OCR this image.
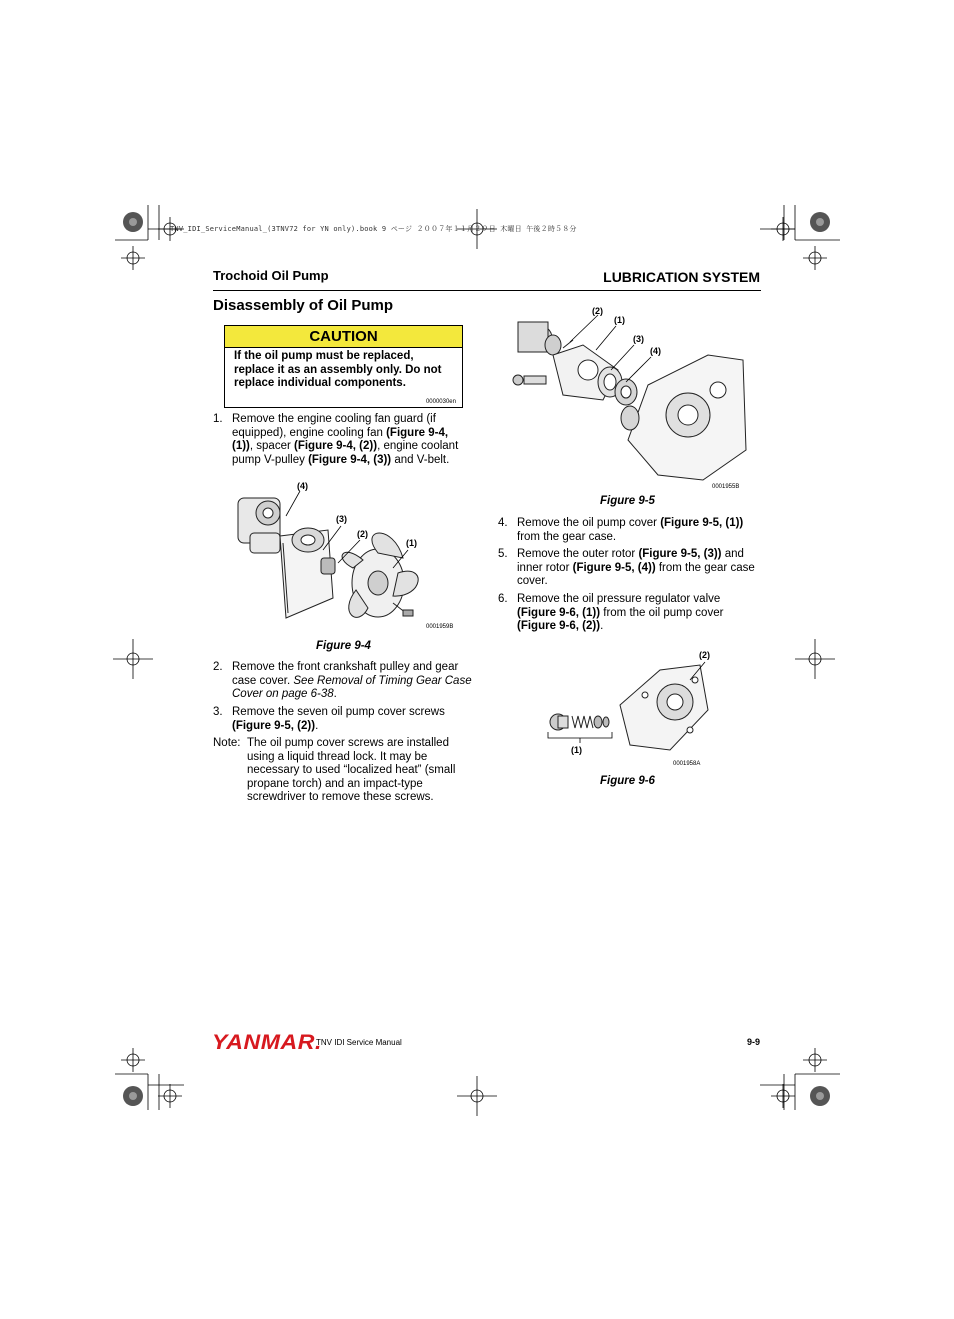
TNV_IDI_ServiceManual_(3TNV72 for YN only).book 9 ページ ２００７年１１月２９日 木曜日 午後２時５８分
Trochoid Oil Pump	LUBRICATION SYSTEM
Disassembly of Oil Pump
CAUTION
If the oil pump must be replaced, replace it as an assembly only. Do not replace individual components.
0000030en
1. Remove the engine cooling fan guard (if equipped), engine cooling fan (Figure 9-4, (1)), spacer (Figure 9-4, (2)), engine coolant pump V-pulley (Figure 9-4, (3)) and V-belt.
(4)
(3)
(2)
(1)
0001959B
Figure 9-4
2. Remove the front crankshaft pulley and gear case cover. See Removal of Timing Gear Case Cover on page 6-38.
3. Remove the seven oil pump cover screws (Figure 9-5, (2)).
Note: The oil pump cover screws are installed using a liquid thread lock. It may be necessary to used “localized heat” (small propane torch) and an impact-type screwdriver to remove these screws.
(2)
(1)
(3)
(4)
0001955B
Figure 9-5
4. Remove the oil pump cover (Figure 9-5, (1)) from the gear case.
5. Remove the outer rotor (Figure 9-5, (3)) and inner rotor (Figure 9-5, (4)) from the gear case cover.
6. Remove the oil pressure regulator valve (Figure 9-6, (1)) from the oil pump cover (Figure 9-6, (2)).
(2)
(1)
0001958A
Figure 9-6
YANMAR.
TNV IDI Service Manual	9-9
